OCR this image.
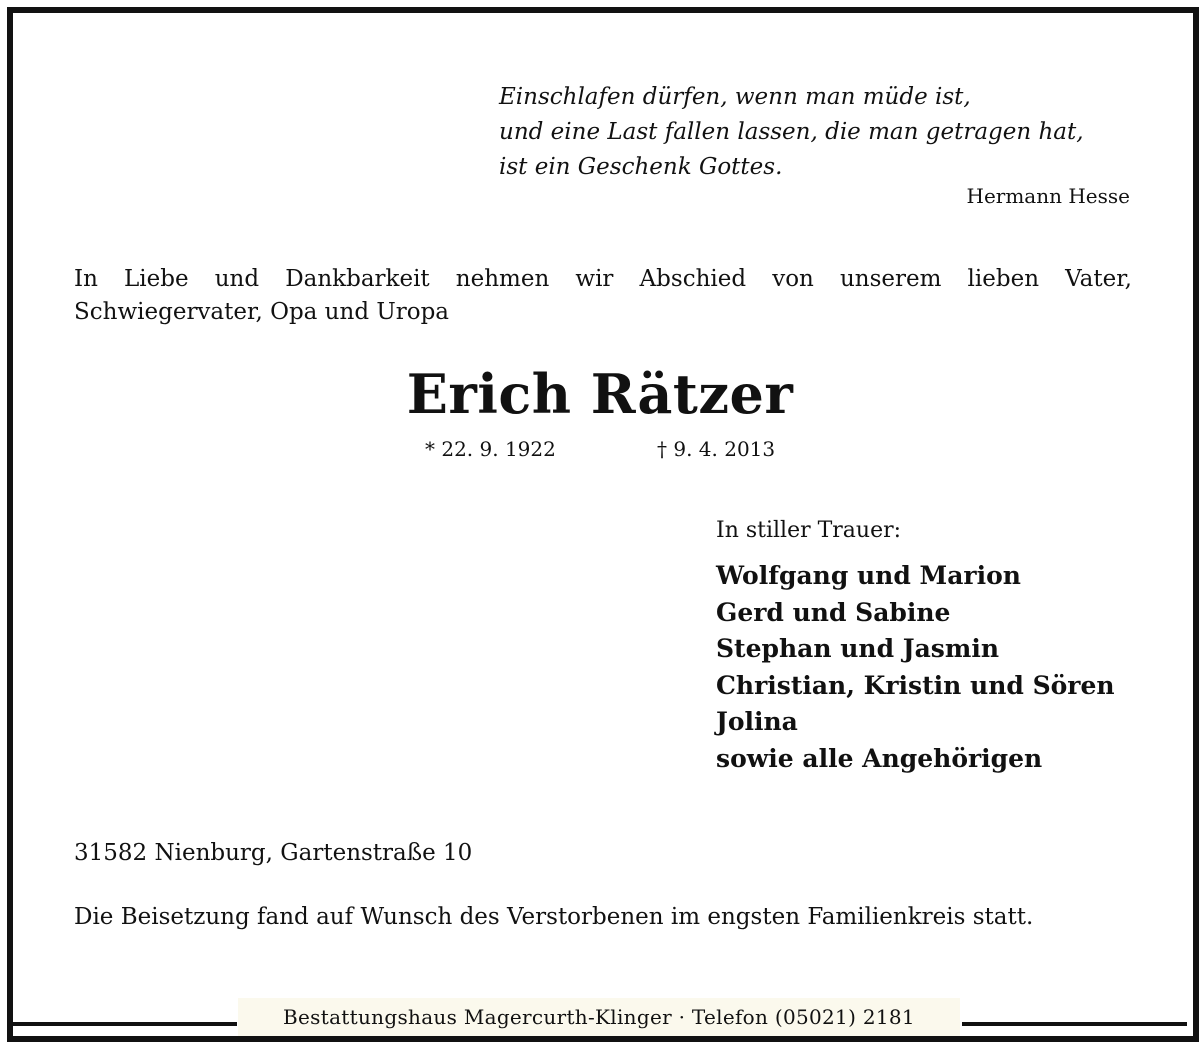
Einschlafen dürfen, wenn man müde ist,
und eine Last fallen lassen, die man getragen hat,
ist ein Geschenk Gottes.
Hermann Hesse
In Liebe und Dankbarkeit nehmen wir Abschied von unserem lieben Vater,
Schwiegervater, Opa und Uropa
Erich Rätzer
* 22. 9. 1922	† 9. 4. 2013
In stiller Trauer:
Wolfgang und Marion
Gerd und Sabine
Stephan und Jasmin
Christian, Kristin und Sören
Jolina
sowie alle Angehörigen
31582 Nienburg, Gartenstraße 10
Die Beisetzung fand auf Wunsch des Verstorbenen im engsten Familienkreis statt.
Bestattungshaus Magercurth-Klinger · Telefon (05021) 2181
